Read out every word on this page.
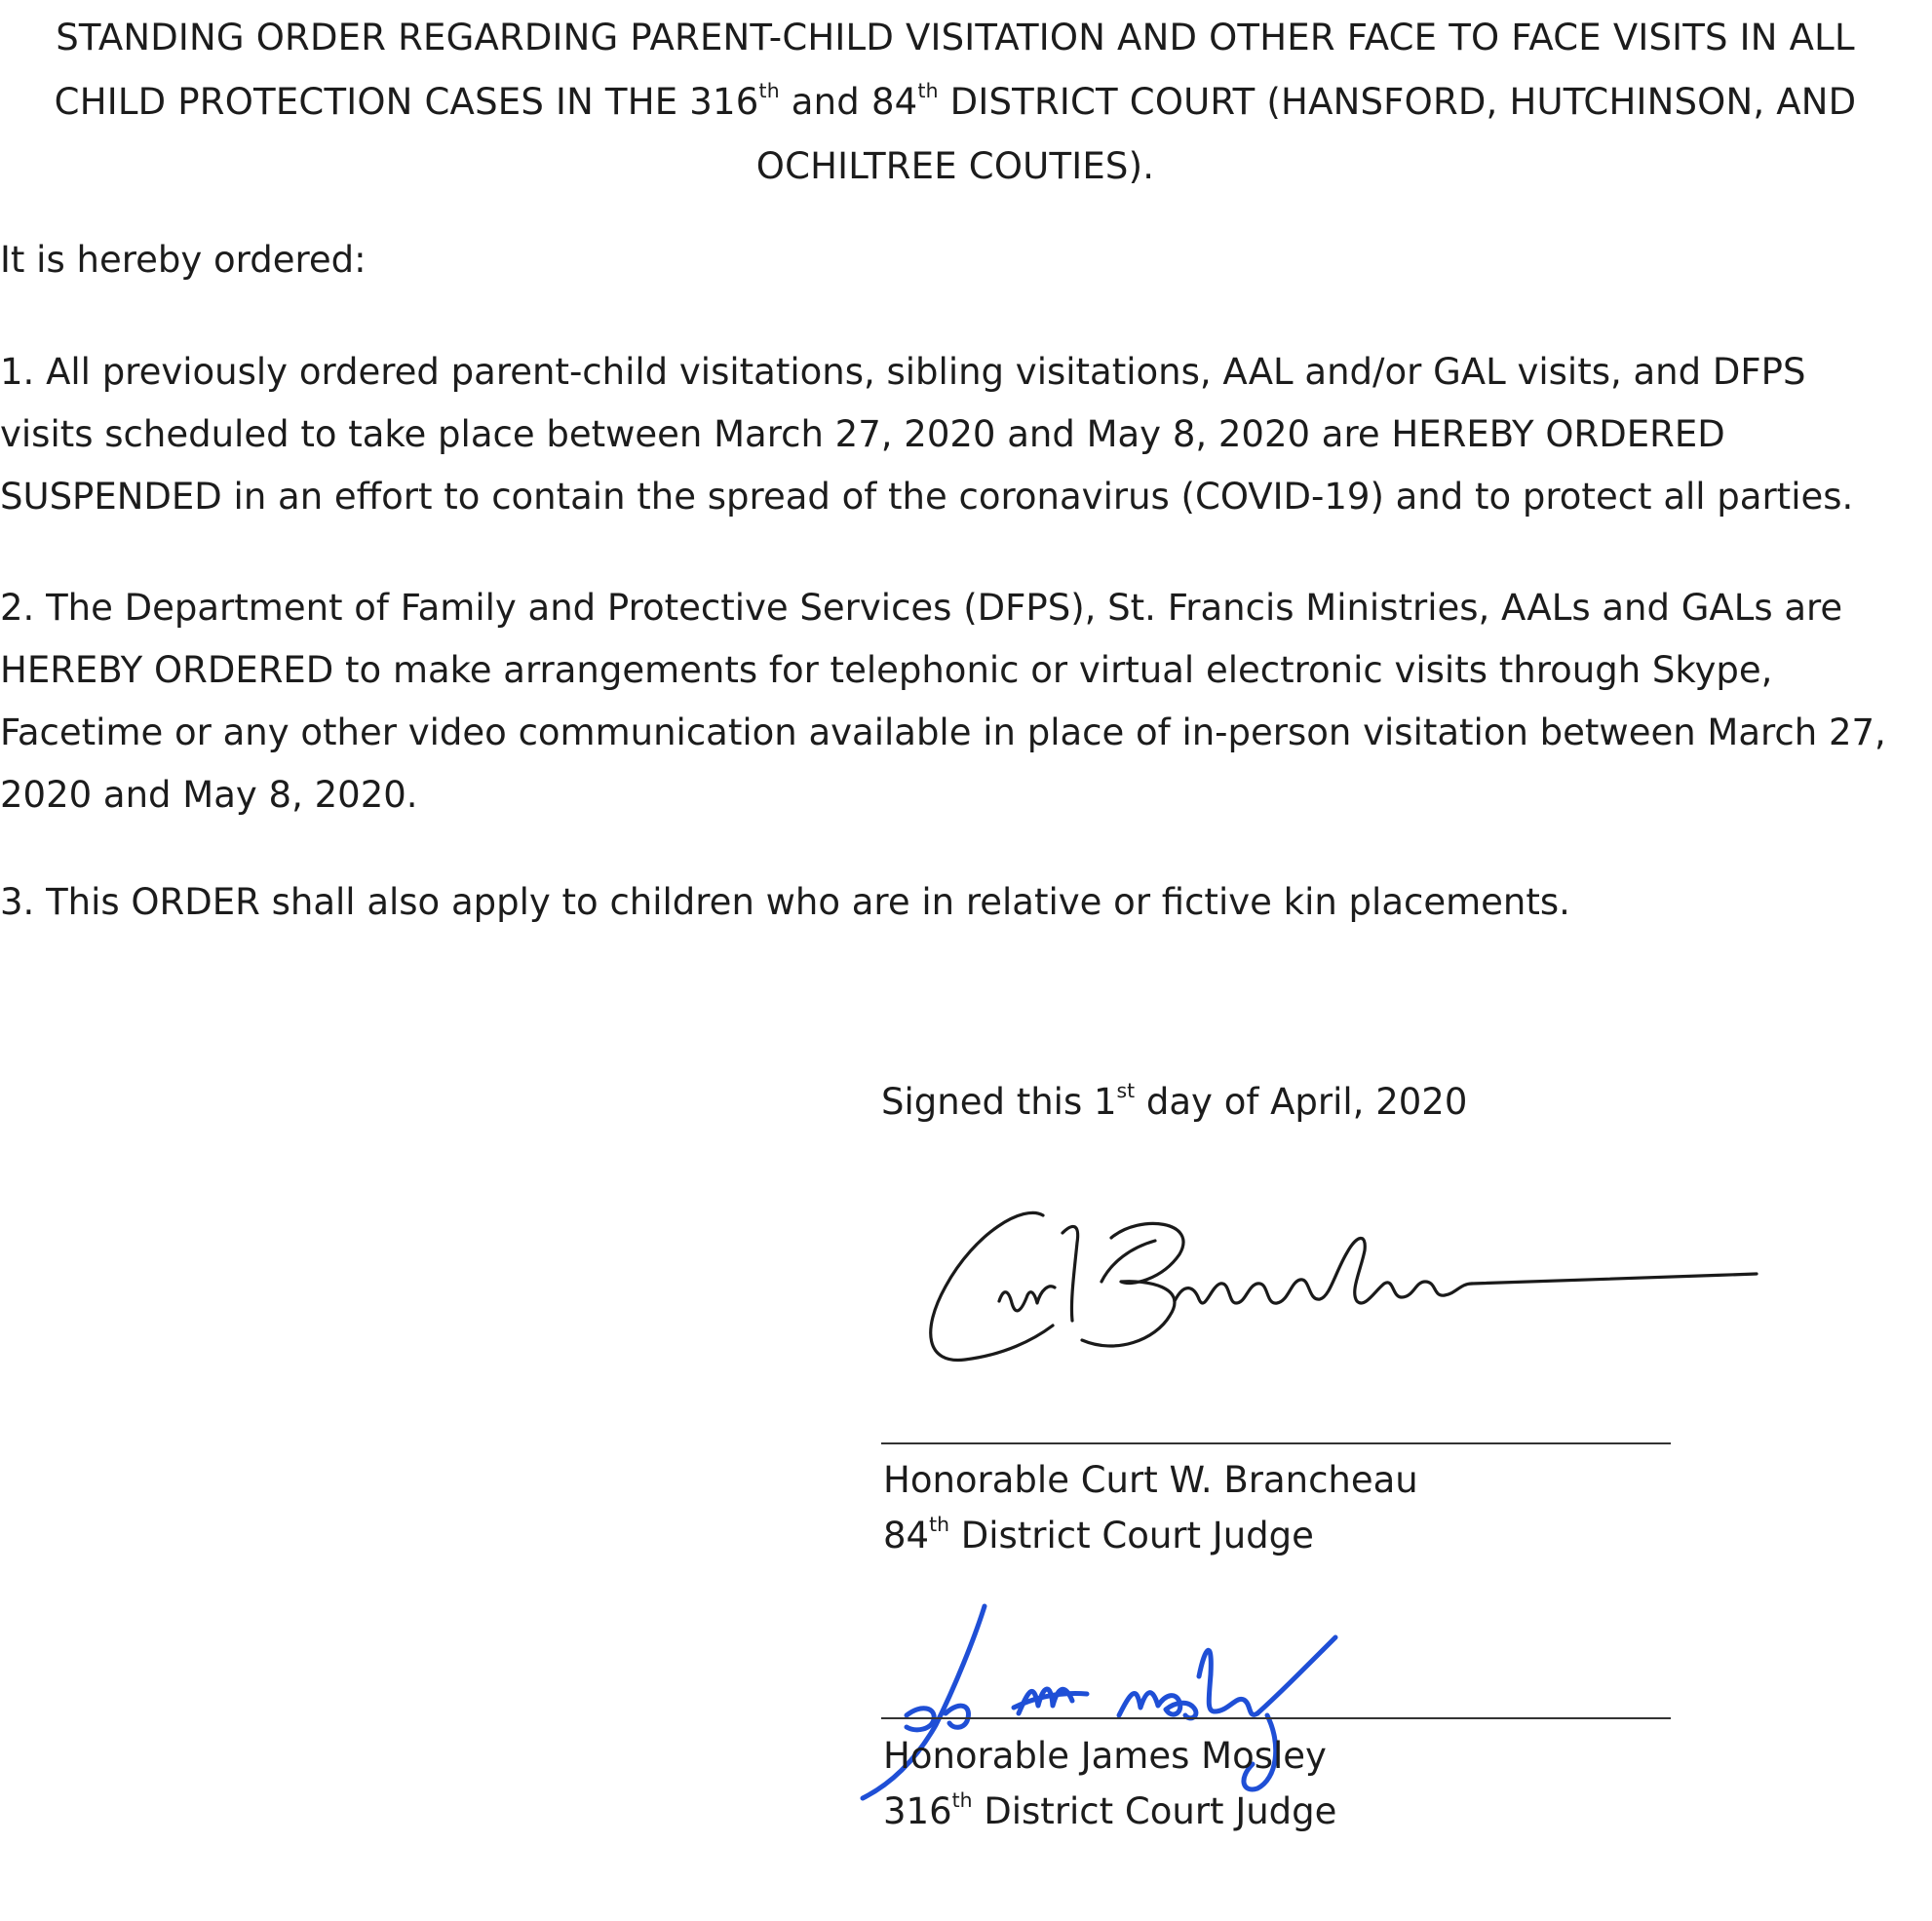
STANDING ORDER REGARDING PARENT-CHILD VISITATION AND OTHER FACE TO FACE VISITS IN ALL
CHILD PROTECTION CASES IN THE 316th and 84th DISTRICT COURT (HANSFORD, HUTCHINSON, AND
OCHILTREE COUTIES).
It is hereby ordered:
1. All previously ordered parent-child visitations, sibling visitations, AAL and/or GAL visits, and DFPS
visits scheduled to take place between March 27, 2020 and May 8, 2020 are HEREBY ORDERED
SUSPENDED in an effort to contain the spread of the coronavirus (COVID-19) and to protect all parties.
2. The Department of Family and Protective Services (DFPS), St. Francis Ministries, AALs and GALs are
HEREBY ORDERED to make arrangements for telephonic or virtual electronic visits through Skype,
Facetime or any other video communication available in place of in-person visitation between March 27,
2020 and May 8, 2020.
3. This ORDER shall also apply to children who are in relative or fictive kin placements.
Signed this 1st day of April, 2020
Honorable Curt W. Brancheau
84th District Court Judge
Honorable James Mosley
316th District Court Judge
